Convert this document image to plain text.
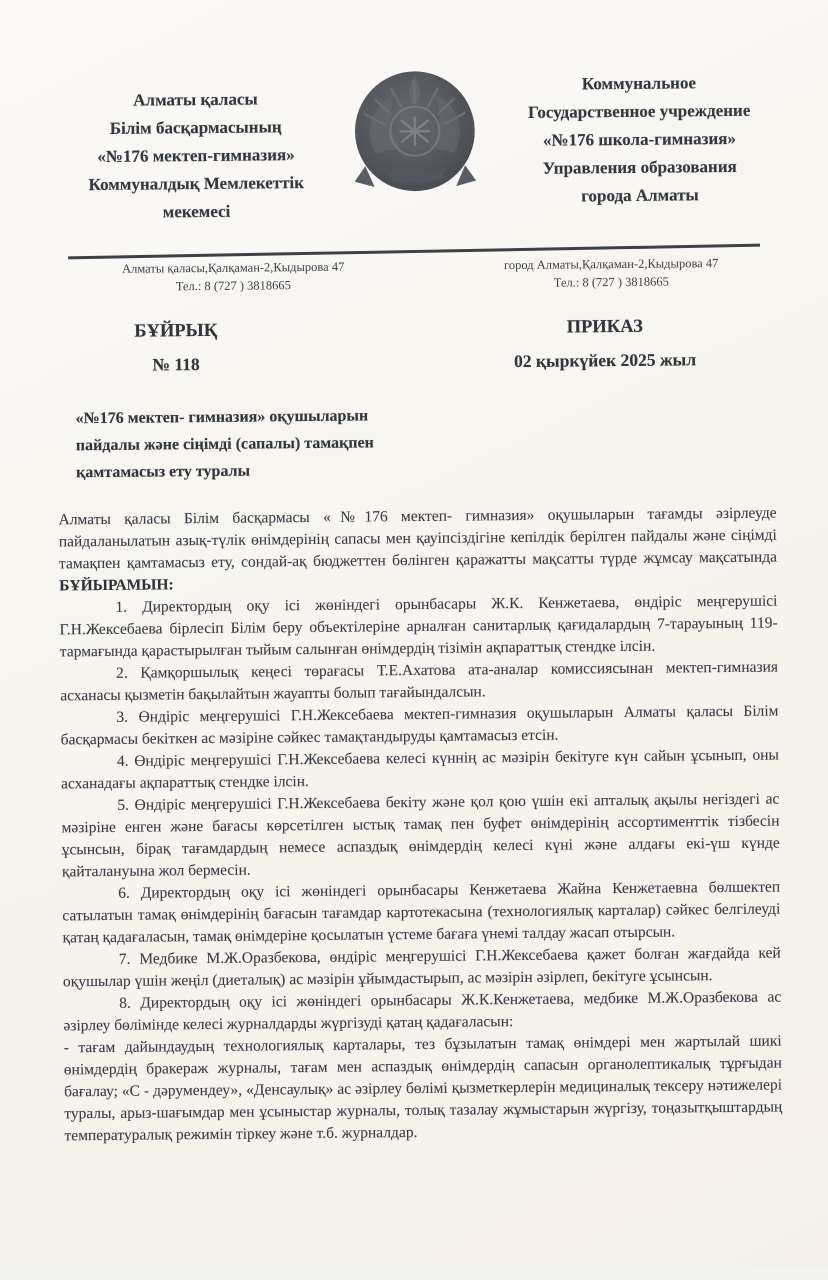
Алматы қаласы
Білім басқармасының
«№176 мектеп-гимназия»
Коммуналдық Мемлекеттік
мекемесі
Коммунальное
Государственное учреждение
«№176 школа-гимназия»
Управления образования
города Алматы
Алматы қаласы,Қалқаман-2,Кыдырова 47
Тел.: 8 (727 ) 3818665
город Алматы,Қалқаман-2,Кыдырова 47
Тел.: 8 (727 ) 3818665
БҰЙРЫҚ
№ 118
ПРИКАЗ
02 қыркүйек 2025 жыл
«№176 мектеп- гимназия» оқушыларын
пайдалы және сіңімді (сапалы) тамақпен
қамтамасыз ету туралы

Алматы қаласы Білім басқармасы «№176 мектеп- гимназия» оқушыларын тағамды әзірлеуде пайдаланылатын азық-түлік өнімдерінің сапасы мен қауіпсіздігіне кепілдік берілген пайдалы және сіңімді тамақпен қамтамасыз ету, сондай-ақ бюджеттен бөлінген қаражатты мақсатты түрде жұмсау мақсатында БҰЙЫРАМЫН:

1. Директордың оқу ісі жөніндегі орынбасары Ж.К. Кенжетаева, өндіріс меңгерушісі Г.Н.Жексебаева бірлесіп Білім беру объектілеріне арналған санитарлық қағидалардың 7-тарауының 119-тармағында қарастырылған тыйым салынған өнімдердің тізімін ақпараттық стендке ілсін.

2. Қамқоршылық кеңесі төрағасы Т.Е.Ахатова ата-аналар комиссиясынан мектеп-гимназия асханасы қызметін бақылайтын жауапты болып тағайындалсын.

3. Өндіріс меңгерушісі Г.Н.Жексебаева мектеп-гимназия оқушыларын Алматы қаласы Білім басқармасы бекіткен ас мәзіріне сәйкес тамақтандыруды қамтамасыз етсін.

4. Өндіріс меңгерушісі Г.Н.Жексебаева келесі күннің ас мәзірін бекітуге күн сайын ұсынып, оны асханадағы ақпараттық стендке ілсін.

5. Өндіріс меңгерушісі Г.Н.Жексебаева бекіту және қол қою үшін екі апталық ақылы негіздегі ас мәзіріне енген және бағасы көрсетілген ыстық тамақ пен буфет өнімдерінің ассортименттік тізбесін ұсынсын, бірақ тағамдардың немесе аспаздық өнімдердің келесі күні және алдағы екі-үш күнде қайталануына жол бермесін.

6. Директордың оқу ісі жөніндегі орынбасары Кенжетаева Жайна Кенжетаевна бөлшектеп сатылатын тамақ өнімдерінің бағасын тағамдар картотекасына (технологиялық карталар) сәйкес белгілеуді қатаң қадағаласын, тамақ өнімдеріне қосылатын үстеме бағаға үнемі талдау жасап отырсын.

7. Медбике М.Ж.Оразбекова, өндіріс меңгерушісі Г.Н.Жексебаева қажет болған жағдайда кей оқушылар үшін жеңіл (диеталық) ас мәзірін ұйымдастырып, ас мәзірін әзірлеп, бекітуге ұсынсын.

8. Директордың оқу ісі жөніндегі орынбасары Ж.К.Кенжетаева, медбике М.Ж.Оразбекова ас әзірлеу бөлімінде келесі журналдарды жүргізуді қатаң қадағаласын:

- тағам дайындаудың технологиялық карталары, тез бұзылатын тамақ өнімдері мен жартылай шикі өнімдердің бракераж журналы, тағам мен аспаздық өнімдердің сапасын органолептикалық тұрғыдан бағалау; «С - дәрумендеу», «Денсаулық» ас әзірлеу бөлімі қызметкерлерін медициналық тексеру нәтижелері туралы, арыз-шағымдар мен ұсыныстар журналы, толық тазалау жұмыстарын жүргізу, тоңазытқыштардың температуралық режимін тіркеу және т.б. журналдар.
